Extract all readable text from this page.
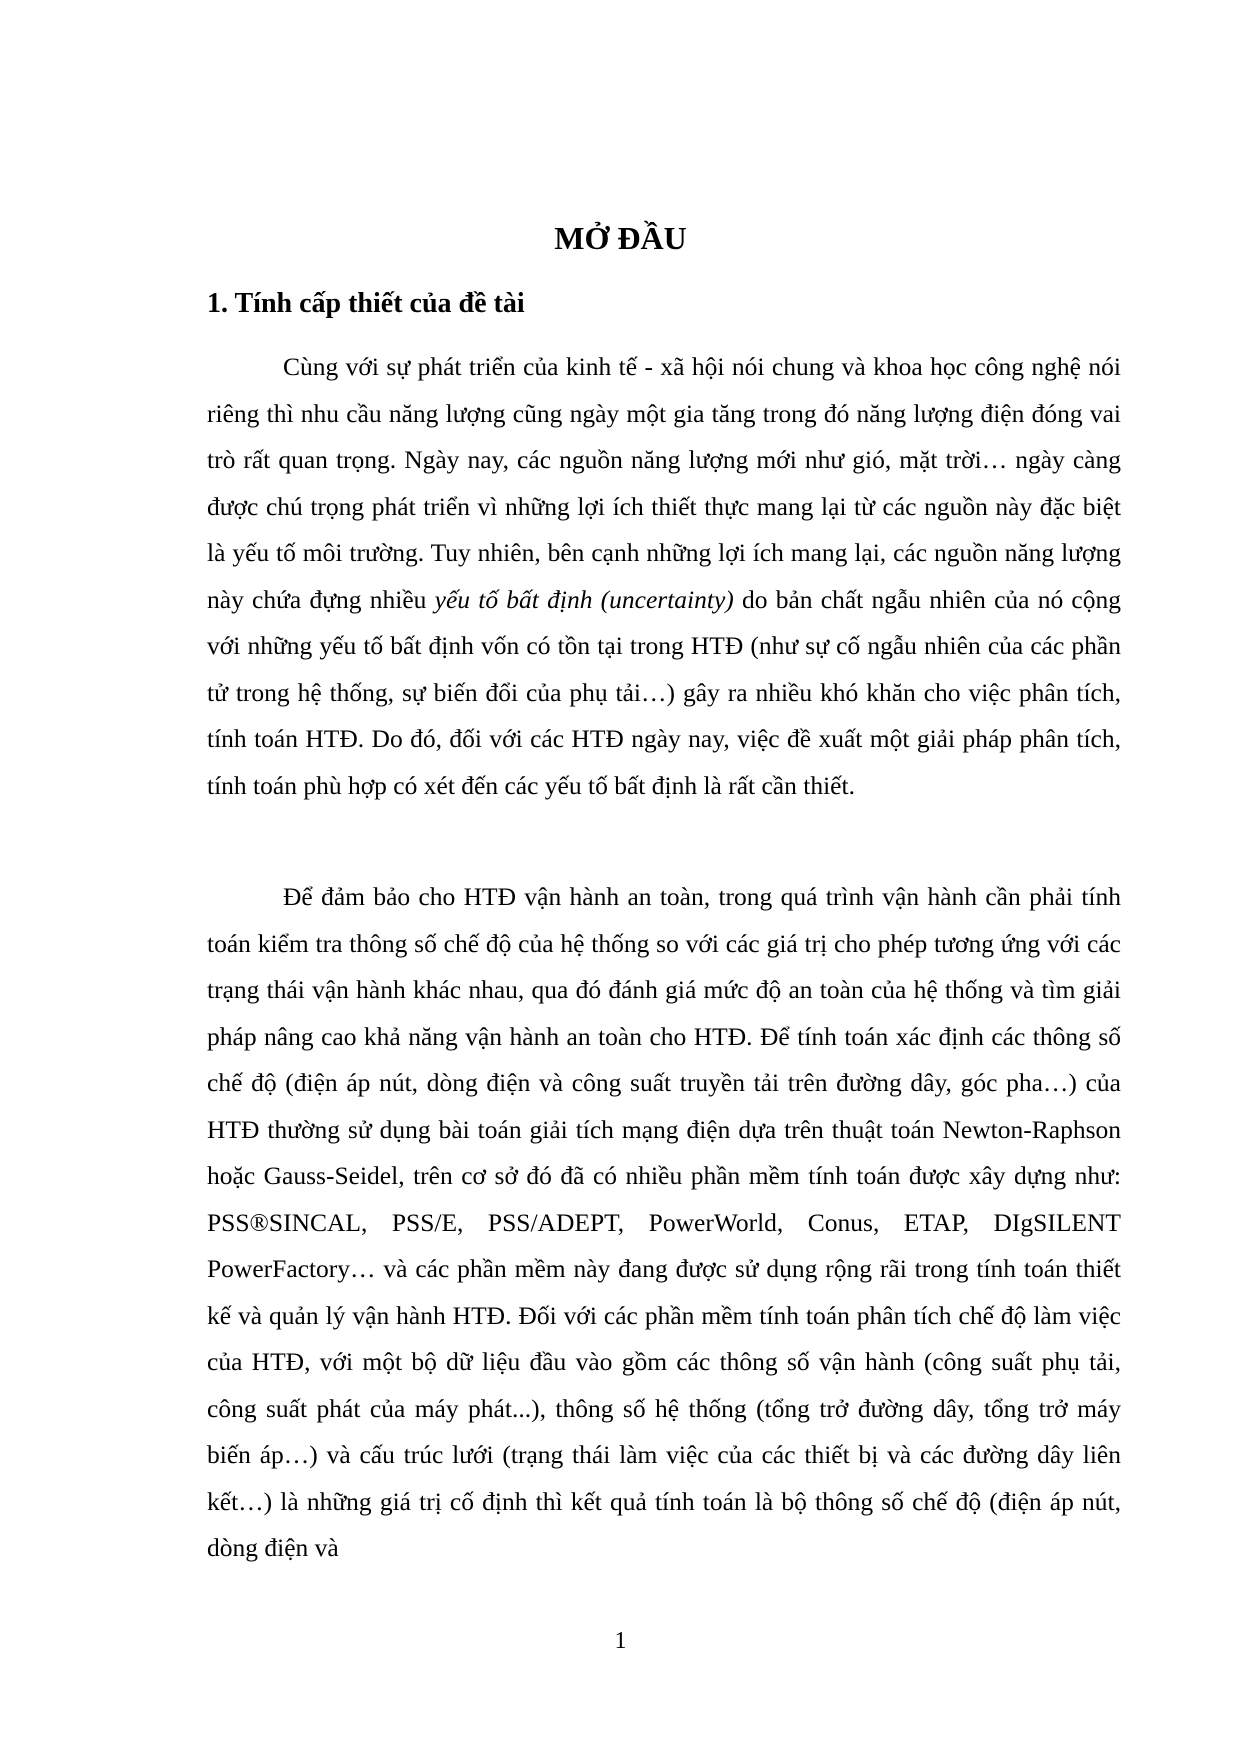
MỞ ĐẦU
1. Tính cấp thiết của đề tài

Cùng với sự phát triển của kinh tế - xã hội nói chung và khoa học công nghệ nói riêng thì nhu cầu năng lượng cũng ngày một gia tăng trong đó năng lượng điện đóng vai trò rất quan trọng. Ngày nay, các nguồn năng lượng mới như gió, mặt trời… ngày càng được chú trọng phát triển vì những lợi ích thiết thực mang lại từ các nguồn này đặc biệt là yếu tố môi trường. Tuy nhiên, bên cạnh những lợi ích mang lại, các nguồn năng lượng này chứa đựng nhiều yếu tố bất định (uncertainty) do bản chất ngẫu nhiên của nó cộng với những yếu tố bất định vốn có tồn tại trong HTĐ (như sự cố ngẫu nhiên của các phần tử trong hệ thống, sự biến đổi của phụ tải…) gây ra nhiều khó khăn cho việc phân tích, tính toán HTĐ. Do đó, đối với các HTĐ ngày nay, việc đề xuất một giải pháp phân tích, tính toán phù hợp có xét đến các yếu tố bất định là rất cần thiết.

Để đảm bảo cho HTĐ vận hành an toàn, trong quá trình vận hành cần phải tính toán kiểm tra thông số chế độ của hệ thống so với các giá trị cho phép tương ứng với các trạng thái vận hành khác nhau, qua đó đánh giá mức độ an toàn của hệ thống và tìm giải pháp nâng cao khả năng vận hành an toàn cho HTĐ. Để tính toán xác định các thông số chế độ (điện áp nút, dòng điện và công suất truyền tải trên đường dây, góc pha…) của HTĐ thường sử dụng bài toán giải tích mạng điện dựa trên thuật toán Newton-Raphson hoặc Gauss-Seidel, trên cơ sở đó đã có nhiều phần mềm tính toán được xây dựng như: PSS®SINCAL, PSS/E, PSS/ADEPT, PowerWorld, Conus, ETAP, DIgSILENT PowerFactory… và các phần mềm này đang được sử dụng rộng rãi trong tính toán thiết kế và quản lý vận hành HTĐ. Đối với các phần mềm tính toán phân tích chế độ làm việc của HTĐ, với một bộ dữ liệu đầu vào gồm các thông số vận hành (công suất phụ tải, công suất phát của máy phát...), thông số hệ thống (tổng trở đường dây, tổng trở máy biến áp…) và cấu trúc lưới (trạng thái làm việc của các thiết bị và các đường dây liên kết…) là những giá trị cố định thì kết quả tính toán là bộ thông số chế độ (điện áp nút, dòng điện và

1
